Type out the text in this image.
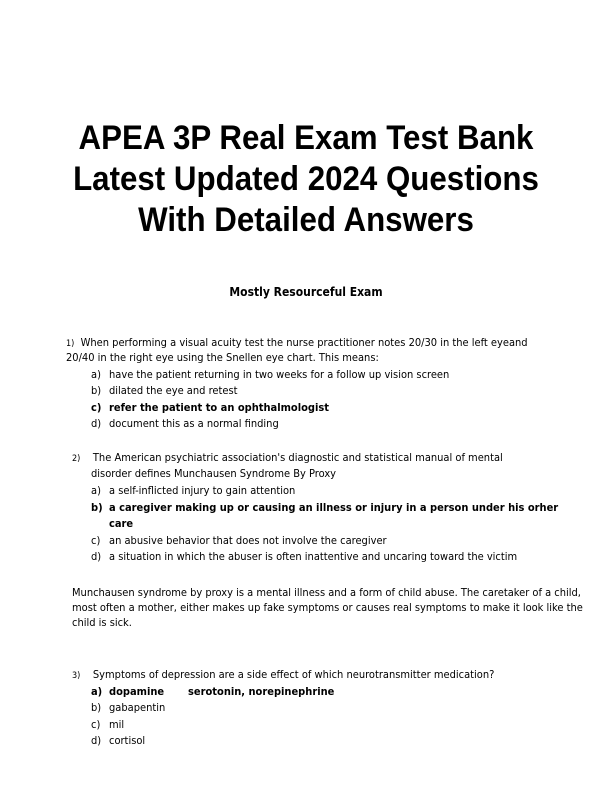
APEA 3P Real Exam Test Bank
Latest Updated 2024 Questions
With Detailed Answers
Mostly Resourceful Exam
1) When performing a visual acuity test the nurse practitioner notes 20/30 in the left eyeand
20/40 in the right eye using the Snellen eye chart. This means:
a) have the patient returning in two weeks for a follow up vision screen
b) dilated the eye and retest
c) refer the patient to an ophthalmologist
d) document this as a normal finding
2) The American psychiatric association's diagnostic and statistical manual of mental
disorder defines Munchausen Syndrome By Proxy
a) a self-inflicted injury to gain attention
b) a caregiver making up or causing an illness or injury in a person under his orher
care
c) an abusive behavior that does not involve the caregiver
d) a situation in which the abuser is often inattentive and uncaring toward the victim
Munchausen syndrome by proxy is a mental illness and a form of child abuse. The caretaker of a child,
most often a mother, either makes up fake symptoms or causes real symptoms to make it look like the
child is sick.
3) Symptoms of depression are a side effect of which neurotransmitter medication?
a) dopamine serotonin, norepinephrine
b) gabapentin
c) mil
d) cortisol
